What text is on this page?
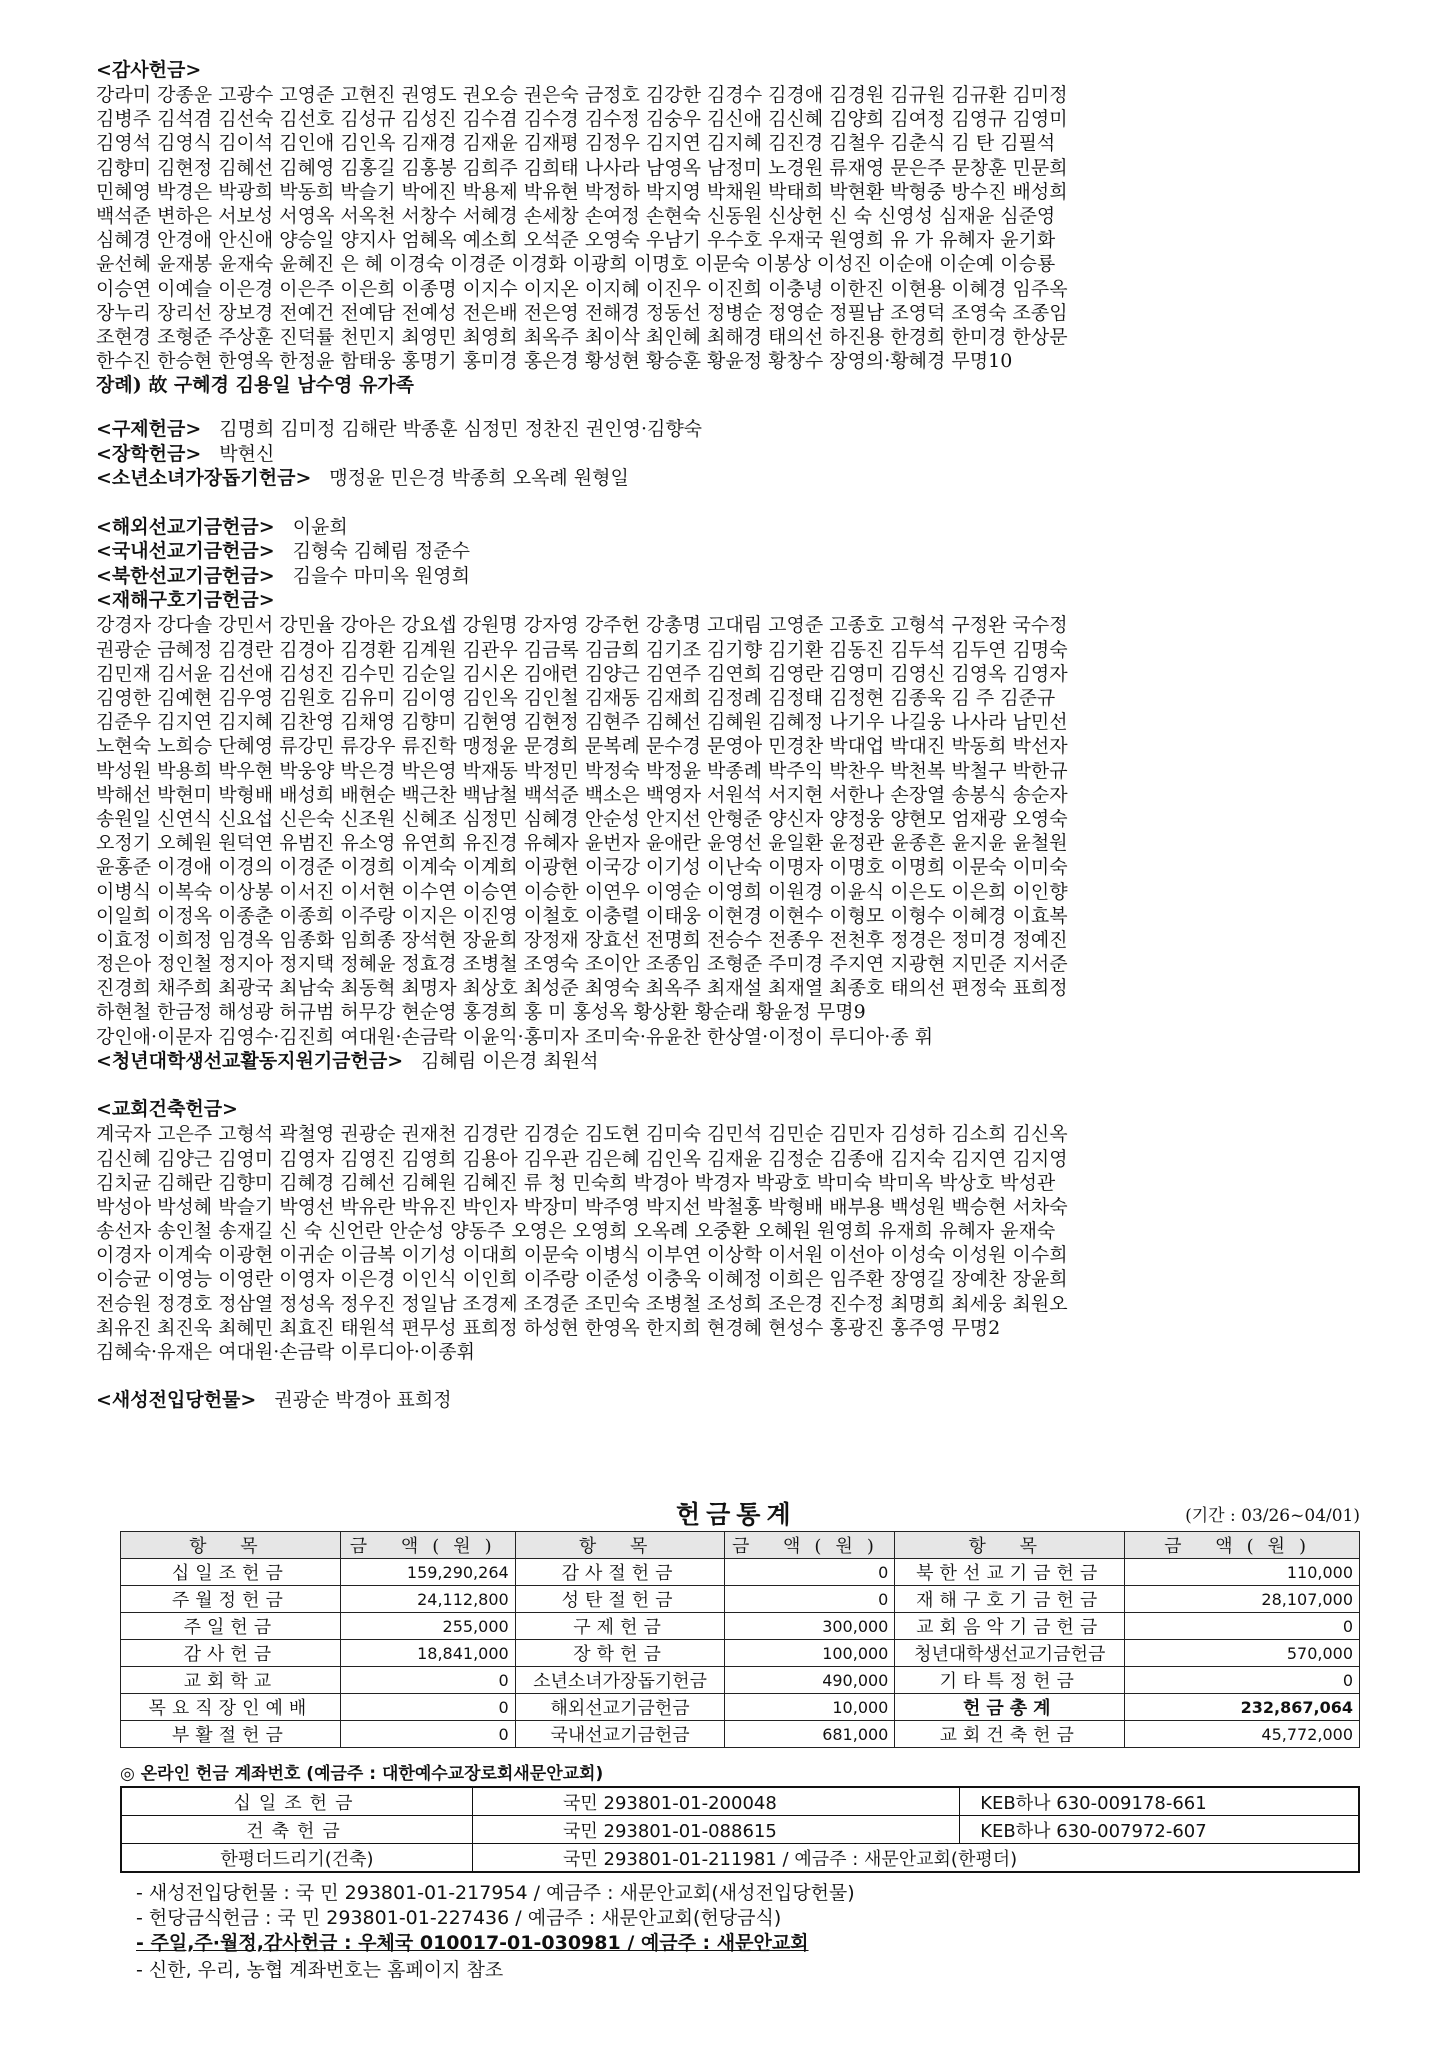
<감사헌금>
강라미 강종운 고광수 고영준 고현진 권영도 권오승 권은숙 금정호 김강한 김경수 김경애 김경원 김규원 김규환 김미정
김병주 김석겸 김선숙 김선호 김성규 김성진 김수겸 김수경 김수정 김숭우 김신애 김신혜 김양희 김여정 김영규 김영미
김영석 김영식 김이석 김인애 김인옥 김재경 김재윤 김재평 김정우 김지연 김지혜 김진경 김철우 김춘식 김 탄 김필석
김향미 김현정 김혜선 김혜영 김홍길 김홍봉 김희주 김희태 나사라 남영옥 남정미 노경원 류재영 문은주 문창훈 민문희
민혜영 박경은 박광희 박동희 박슬기 박에진 박용제 박유현 박정하 박지영 박채원 박태희 박현환 박형중 방수진 배성희
백석준 변하은 서보성 서영옥 서옥천 서창수 서혜경 손세창 손여정 손현숙 신동원 신상헌 신 숙 신영성 심재윤 심준영
심혜경 안경애 안신애 양승일 양지사 엄혜옥 예소희 오석준 오영숙 우남기 우수호 우재국 원영희 유 가 유혜자 윤기화
윤선혜 윤재봉 윤재숙 윤혜진 은 혜 이경숙 이경준 이경화 이광희 이명호 이문숙 이봉상 이성진 이순애 이순예 이승룡
이승연 이예슬 이은경 이은주 이은희 이종명 이지수 이지온 이지혜 이진우 이진희 이충녕 이한진 이현용 이혜경 임주옥
장누리 장리선 장보경 전예건 전예담 전예성 전은배 전은영 전해경 정동선 정병순 정영순 정필남 조영덕 조영숙 조종임
조현경 조형준 주상훈 진덕률 천민지 최영민 최영희 최옥주 최이삭 최인혜 최해경 태의선 하진용 한경희 한미경 한상문
한수진 한승현 한영옥 한정윤 함태웅 홍명기 홍미경 홍은경 황성현 황승훈 황윤정 황창수 장영의·황혜경 무명10
장례) 故 구혜경 김용일 남수영 유가족
<구제헌금> 김명희 김미정 김해란 박종훈 심정민 정찬진 권인영·김향숙
<장학헌금> 박현신
<소년소녀가장돕기헌금> 맹정윤 민은경 박종희 오옥례 원형일
<해외선교기금헌금> 이윤희
<국내선교기금헌금> 김형숙 김혜림 정준수
<북한선교기금헌금> 김을수 마미옥 원영희
<재해구호기금헌금>
강경자 강다솔 강민서 강민율 강아은 강요셉 강원명 강자영 강주헌 강총명 고대림 고영준 고종호 고형석 구정완 국수정
권광순 금혜정 김경란 김경아 김경환 김계원 김관우 김금록 김금희 김기조 김기향 김기환 김동진 김두석 김두연 김명숙
김민재 김서윤 김선애 김성진 김수민 김순일 김시온 김애련 김양근 김연주 김연희 김영란 김영미 김영신 김영옥 김영자
김영한 김예현 김우영 김원호 김유미 김이영 김인옥 김인철 김재동 김재희 김정례 김정태 김정현 김종욱 김 주 김준규
김준우 김지연 김지혜 김찬영 김채영 김향미 김현영 김현정 김현주 김혜선 김혜원 김혜정 나기우 나길웅 나사라 남민선
노현숙 노희승 단혜영 류강민 류강우 류진학 맹정윤 문경희 문복례 문수경 문영아 민경찬 박대업 박대진 박동희 박선자
박성원 박용희 박우현 박웅양 박은경 박은영 박재동 박정민 박정숙 박정윤 박종례 박주익 박찬우 박천복 박철구 박한규
박해선 박현미 박형배 배성희 배현순 백근찬 백남철 백석준 백소은 백영자 서원석 서지현 서한나 손장열 송봉식 송순자
송원일 신연식 신요섭 신은숙 신조원 신혜조 심정민 심혜경 안순성 안지선 안형준 양신자 양정웅 양현모 엄재광 오영숙
오정기 오혜원 원덕연 유범진 유소영 유연희 유진경 유혜자 윤번자 윤애란 윤영선 윤일환 윤정관 윤종흔 윤지윤 윤철원
윤홍준 이경애 이경의 이경준 이경희 이계숙 이계희 이광현 이국강 이기성 이난숙 이명자 이명호 이명희 이문숙 이미숙
이병식 이복숙 이상봉 이서진 이서현 이수연 이승연 이승한 이연우 이영순 이영희 이원경 이윤식 이은도 이은희 이인향
이일희 이정옥 이종춘 이종희 이주랑 이지은 이진영 이철호 이충렬 이태웅 이현경 이현수 이형모 이형수 이혜경 이효복
이효정 이희정 임경옥 임종화 임희종 장석현 장윤희 장정재 장효선 전명희 전승수 전종우 전천후 정경은 정미경 정예진
정은아 정인철 정지아 정지택 정혜윤 정효경 조병철 조영숙 조이안 조종임 조형준 주미경 주지연 지광현 지민준 지서준
진경희 채주희 최광국 최남숙 최동혁 최명자 최상호 최성준 최영숙 최옥주 최재설 최재열 최종호 태의선 편정숙 표희정
하현철 한금정 해성광 허규범 허무강 현순영 홍경희 홍 미 홍성옥 황상환 황순래 황윤정 무명9
강인애·이문자 김영수·김진희 여대원·손금락 이윤익·홍미자 조미숙·유윤찬 한상열·이정이 루디아·종 휘
<청년대학생선교활동지원기금헌금> 김혜림 이은경 최원석
<교회건축헌금>
계국자 고은주 고형석 곽철영 권광순 권재천 김경란 김경순 김도현 김미숙 김민석 김민순 김민자 김성하 김소희 김신옥
김신혜 김양근 김영미 김영자 김영진 김영희 김용아 김우관 김은혜 김인옥 김재윤 김정순 김종애 김지숙 김지연 김지영
김치균 김해란 김향미 김혜경 김혜선 김혜원 김혜진 류 청 민숙희 박경아 박경자 박광호 박미숙 박미옥 박상호 박성관
박성아 박성혜 박슬기 박영선 박유란 박유진 박인자 박장미 박주영 박지선 박철홍 박형배 배부용 백성원 백승현 서차숙
송선자 송인철 송재길 신 숙 신언란 안순성 양동주 오영은 오영희 오옥례 오중환 오혜원 원영희 유재희 유혜자 윤재숙
이경자 이계숙 이광현 이귀순 이금복 이기성 이대희 이문숙 이병식 이부연 이상학 이서원 이선아 이성숙 이성원 이수희
이승균 이영능 이영란 이영자 이은경 이인식 이인희 이주랑 이준성 이충욱 이혜정 이희은 임주환 장영길 장예찬 장윤희
전승원 정경호 정삼열 정성옥 정우진 정일남 조경제 조경준 조민숙 조병철 조성희 조은경 진수정 최명희 최세웅 최원오
최유진 최진욱 최혜민 최효진 태원석 편무성 표희정 하성현 한영옥 한지희 현경혜 현성수 홍광진 홍주영 무명2
김혜숙·유재은 여대원·손금락 이루디아·이종휘
<새성전입당헌물> 권광순 박경아 표희정
헌금통계	(기간 : 03/26~04/01)
항 목	금 액(원)	항 목	금 액(원)	항 목	금 액(원)
십일조헌금	159,290,264	감사절헌금	0	북한선교기금헌금	110,000
주월정헌금	24,112,800	성탄절헌금	0	재해구호기금헌금	28,107,000
주일헌금	255,000	구제헌금	300,000	교회음악기금헌금	0
감사헌금	18,841,000	장학헌금	100,000	청년대학생선교기금헌금	570,000
교회학교	0	소년소녀가장돕기헌금	490,000	기타특정헌금	0
목요직장인예배	0	해외선교기금헌금	10,000	헌금총계	232,867,064
부활절헌금	0	국내선교기금헌금	681,000	교회건축헌금	45,772,000
◎ 온라인 헌금 계좌번호 (예금주 : 대한예수교장로회새문안교회)
십일조헌금	국민 293801-01-200048	KEB하나 630-009178-661
건축헌금	국민 293801-01-088615	KEB하나 630-007972-607
한평더드리기(건축)	국민 293801-01-211981 / 예금주 : 새문안교회(한평더)	
- 새성전입당헌물 : 국 민 293801-01-217954 / 예금주 : 새문안교회(새성전입당헌물)
- 헌당금식헌금 : 국 민 293801-01-227436 / 예금주 : 새문안교회(헌당금식)
- 주일,주·월정,감사헌금 : 우체국 010017-01-030981 / 예금주 : 새문안교회
- 신한, 우리, 농협 계좌번호는 홈페이지 참조
